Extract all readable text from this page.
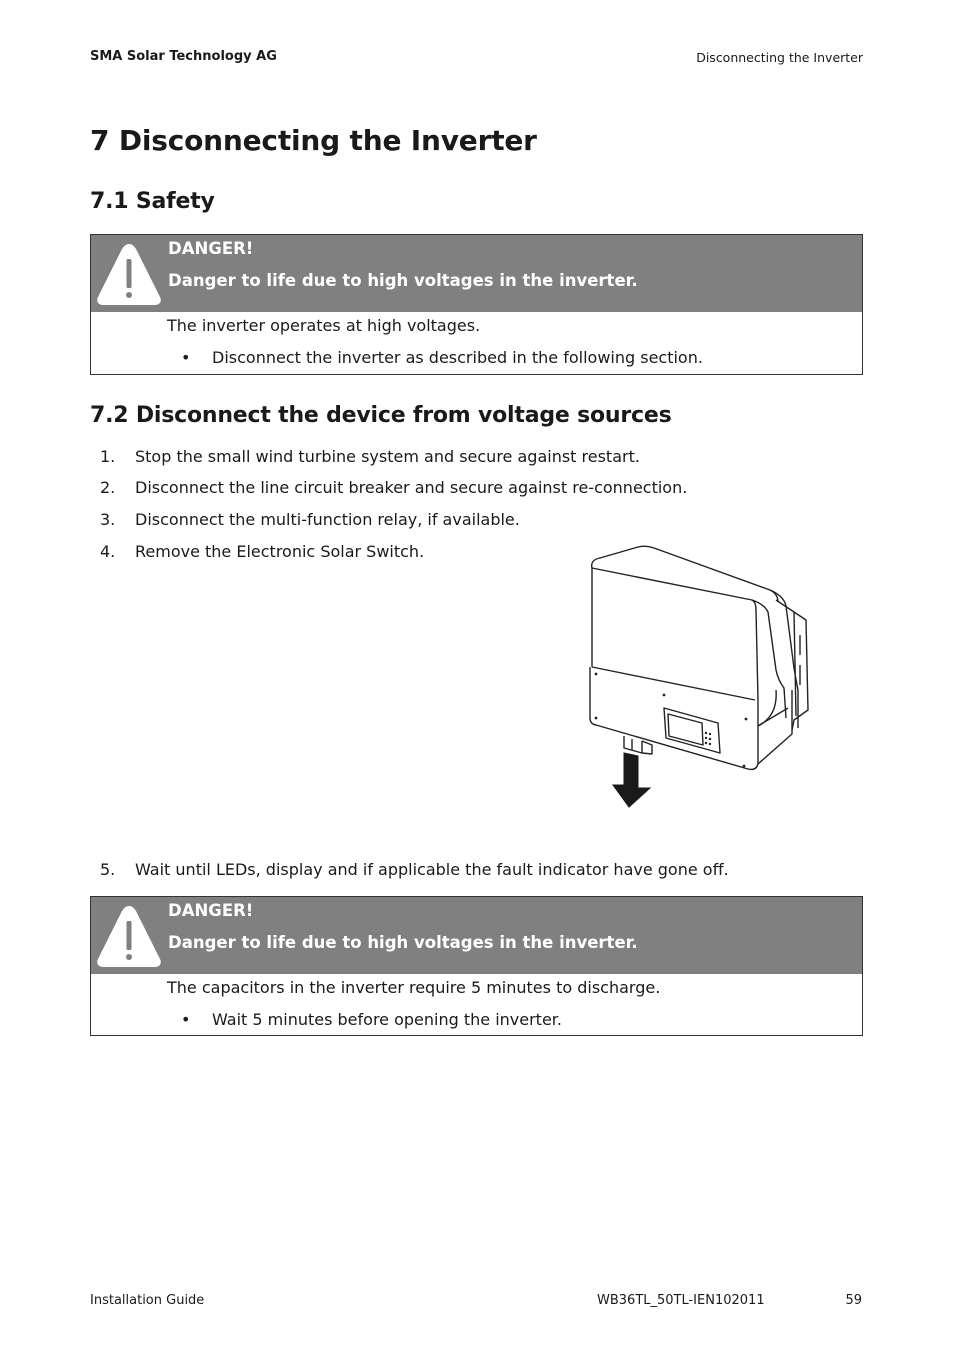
SMA Solar Technology AG	Disconnecting the Inverter
7 Disconnecting the Inverter
7.1 Safety
DANGER!
Danger to life due to high voltages in the inverter.
The inverter operates at high voltages.
• Disconnect the inverter as described in the following section.
7.2 Disconnect the device from voltage sources
1. Stop the small wind turbine system and secure against restart.
2. Disconnect the line circuit breaker and secure against re-connection.
3. Disconnect the multi-function relay, if available.
4. Remove the Electronic Solar Switch.
5. Wait until LEDs, display and if applicable the fault indicator have gone off.
DANGER!
Danger to life due to high voltages in the inverter.
The capacitors in the inverter require 5 minutes to discharge.
• Wait 5 minutes before opening the inverter.
Installation Guide	WB36TL_50TL-IEN102011	59
